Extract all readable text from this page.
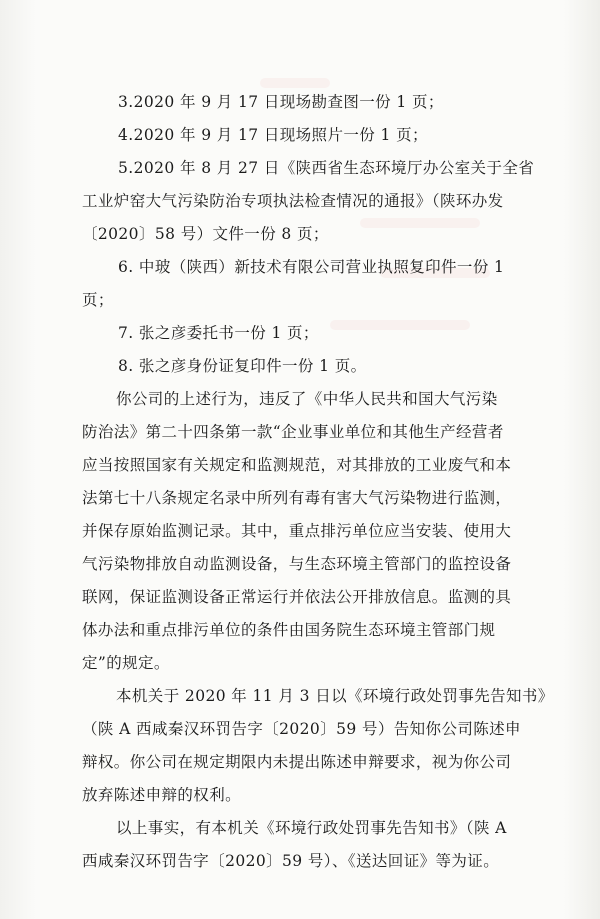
3.2020 年 9 月 17 日现场勘查图一份 1 页；
4.2020 年 9 月 17 日现场照片一份 1 页；
5.2020 年 8 月 27 日《陕西省生态环境厅办公室关于全省
工业炉窑大气污染防治专项执法检查情况的通报》（陕环办发
〔2020〕58 号）文件一份 8 页；
6. 中玻（陕西）新技术有限公司营业执照复印件一份 1
页；
7. 张之彦委托书一份 1 页；
8. 张之彦身份证复印件一份 1 页。
你公司的上述行为，违反了《中华人民共和国大气污染
防治法》第二十四条第一款“企业事业单位和其他生产经营者
应当按照国家有关规定和监测规范，对其排放的工业废气和本
法第七十八条规定名录中所列有毒有害大气污染物进行监测，
并保存原始监测记录。其中，重点排污单位应当安装、使用大
气污染物排放自动监测设备，与生态环境主管部门的监控设备
联网，保证监测设备正常运行并依法公开排放信息。监测的具
体办法和重点排污单位的条件由国务院生态环境主管部门规
定”的规定。
本机关于 2020 年 11 月 3 日以《环境行政处罚事先告知书》
（陕 A 西咸秦汉环罚告字〔2020〕59 号）告知你公司陈述申
辩权。你公司在规定期限内未提出陈述申辩要求，视为你公司
放弃陈述申辩的权利。
以上事实，有本机关《环境行政处罚事先告知书》（陕 A
西咸秦汉环罚告字〔2020〕59 号）、《送达回证》等为证。
